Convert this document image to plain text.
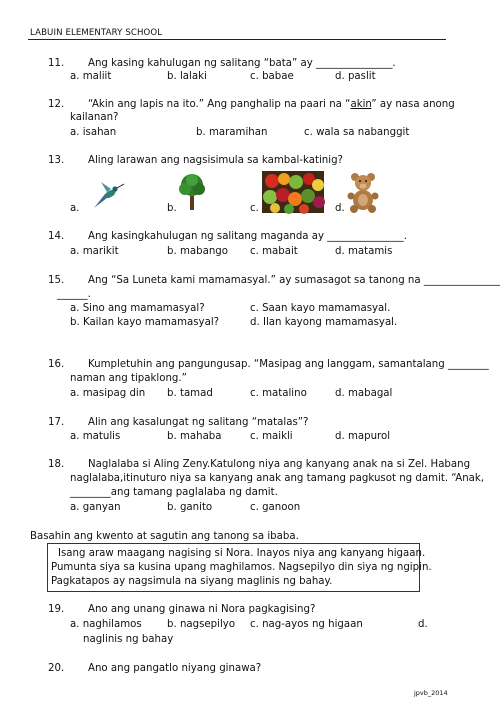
LABUIN ELEMENTARY SCHOOL
11. Ang kasing kahulugan ng salitang “bata” ay _______________.
a. maliit	b. lalaki	c. babae	d. paslit
12. “Akin ang lapis na ito.” Ang panghalip na paari na “akin” ay nasa anong
kailanan?
a. isahan	b. maramihan	c. wala sa nabanggit
13. Aling larawan ang nagsisimula sa kambal-katinig?
a.	b.	c.	d.
14. Ang kasingkahulugan ng salitang maganda ay _______________.
a. marikit	b. mabango c. mabait	d. matamis
15. Ang “Sa Luneta kami mamamasyal.” ay sumasagot sa tanong na _______________
______.
a. Sino ang mamamasyal?	c. Saan kayo mamamasyal.
b. Kailan kayo mamamasyal?	d. Ilan kayong mamamasyal.
16. Kumpletuhin ang pangungusap. “Masipag ang langgam, samantalang ________
naman ang tipaklong.”
a. masipag din b. tamad	c. matalino	d. mabagal
17. Alin ang kasalungat ng salitang “matalas”?
a. matulis	b. mahaba	c. maikli	d. mapurol
18. Naglalaba si Aling Zeny.Katulong niya ang kanyang anak na si Zel. Habang
naglalaba,itinuturo niya sa kanyang anak ang tamang pagkusot ng damit. “Anak,
________ang tamang paglalaba ng damit.
a. ganyan	b. ganito	c. ganoon
Basahin ang kwento at sagutin ang tanong sa ibaba.
Isang araw maagang nagising si Nora. Inayos niya ang kanyang higaan.
Pumunta siya sa kusina upang maghilamos. Nagsepilyo din siya ng ngipin.
Pagkatapos ay nagsimula na siyang maglinis ng bahay.
19. Ano ang unang ginawa ni Nora pagkagising?
a. naghilamos b. nagsepilyo c. nag-ayos ng higaan	d.
naglinis ng bahay
20. Ano ang pangatlo niyang ginawa?
jpvb_2014
